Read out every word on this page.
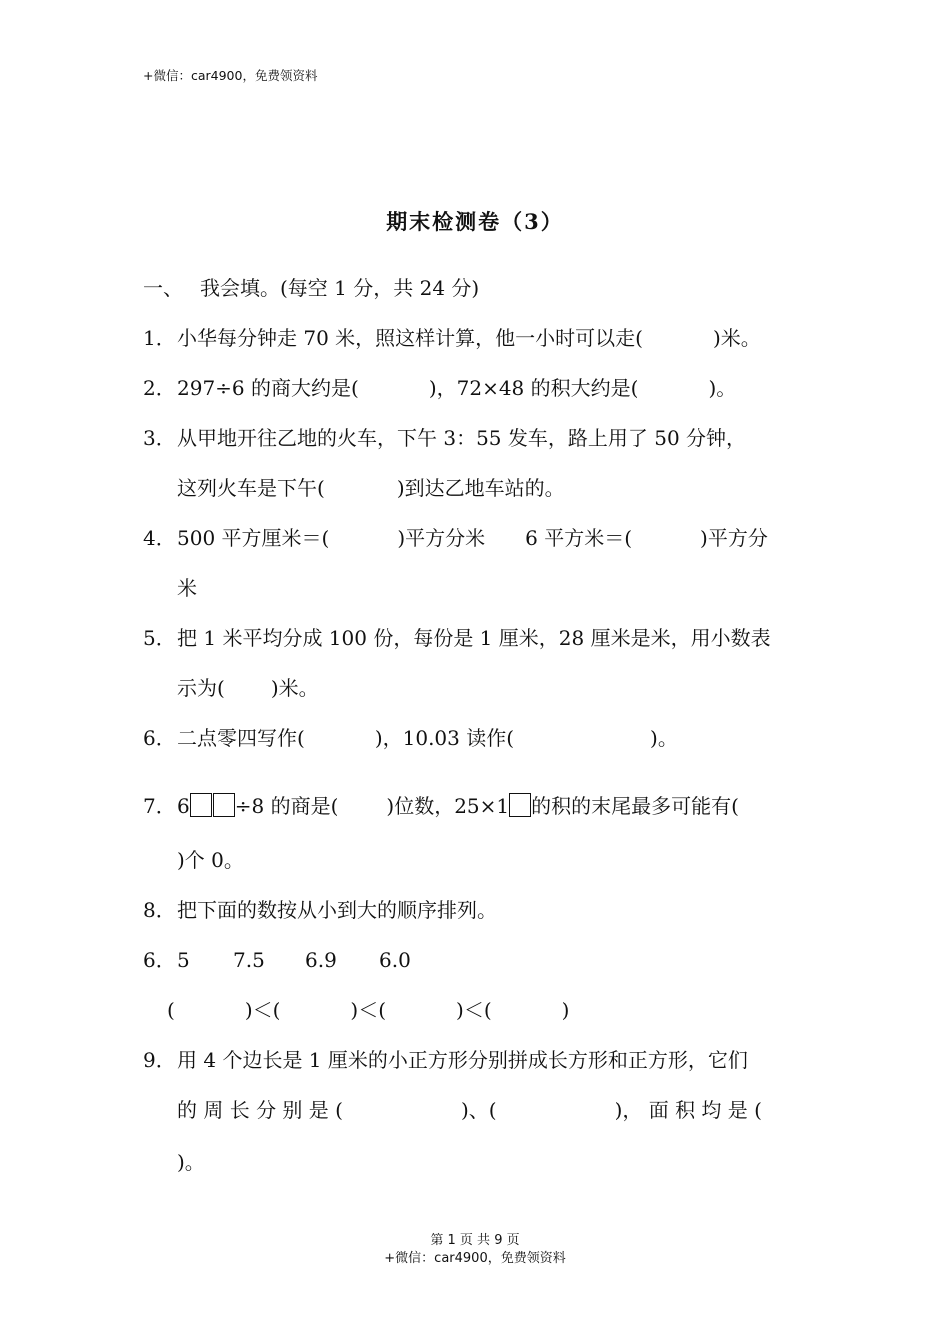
+微信：car4900，免费领资料
期末检测卷（3）
一、 我会填。(每空 1 分，共 24 分)
1．小华每分钟走 70 米，照这样计算，他一小时可以走(	)米。
2．297÷6 的商大约是(	)，72×48 的积大约是(	)。
3．从甲地开往乙地的火车，下午 3：55 发车，路上用了 50 分钟，
这列火车是下午(	)到达乙地车站的。
4．500 平方厘米＝(	)平方分米 6 平方米＝(	)平方分
米
5．把 1 米平均分成 100 份，每份是 1 厘米，28 厘米是米，用小数表
示为( )米。
6．二点零四写作(	)，10.03 读作(	)。
7．6 ÷8 的商是( )位数，25×1 的积的末尾最多可能有(
)个 0。
8．把下面的数按从小到大的顺序排列。
6．5 7.5 6.9 6.0
(	)＜(	)＜(	)＜(	)
9．用 4 个边长是 1 厘米的小正方形分别拼成长方形和正方形，它们
的 周 长 分 别 是 (	)、(	)， 面 积 均 是 (
)。
第 1 页 共 9 页
+微信：car4900，免费领资料
